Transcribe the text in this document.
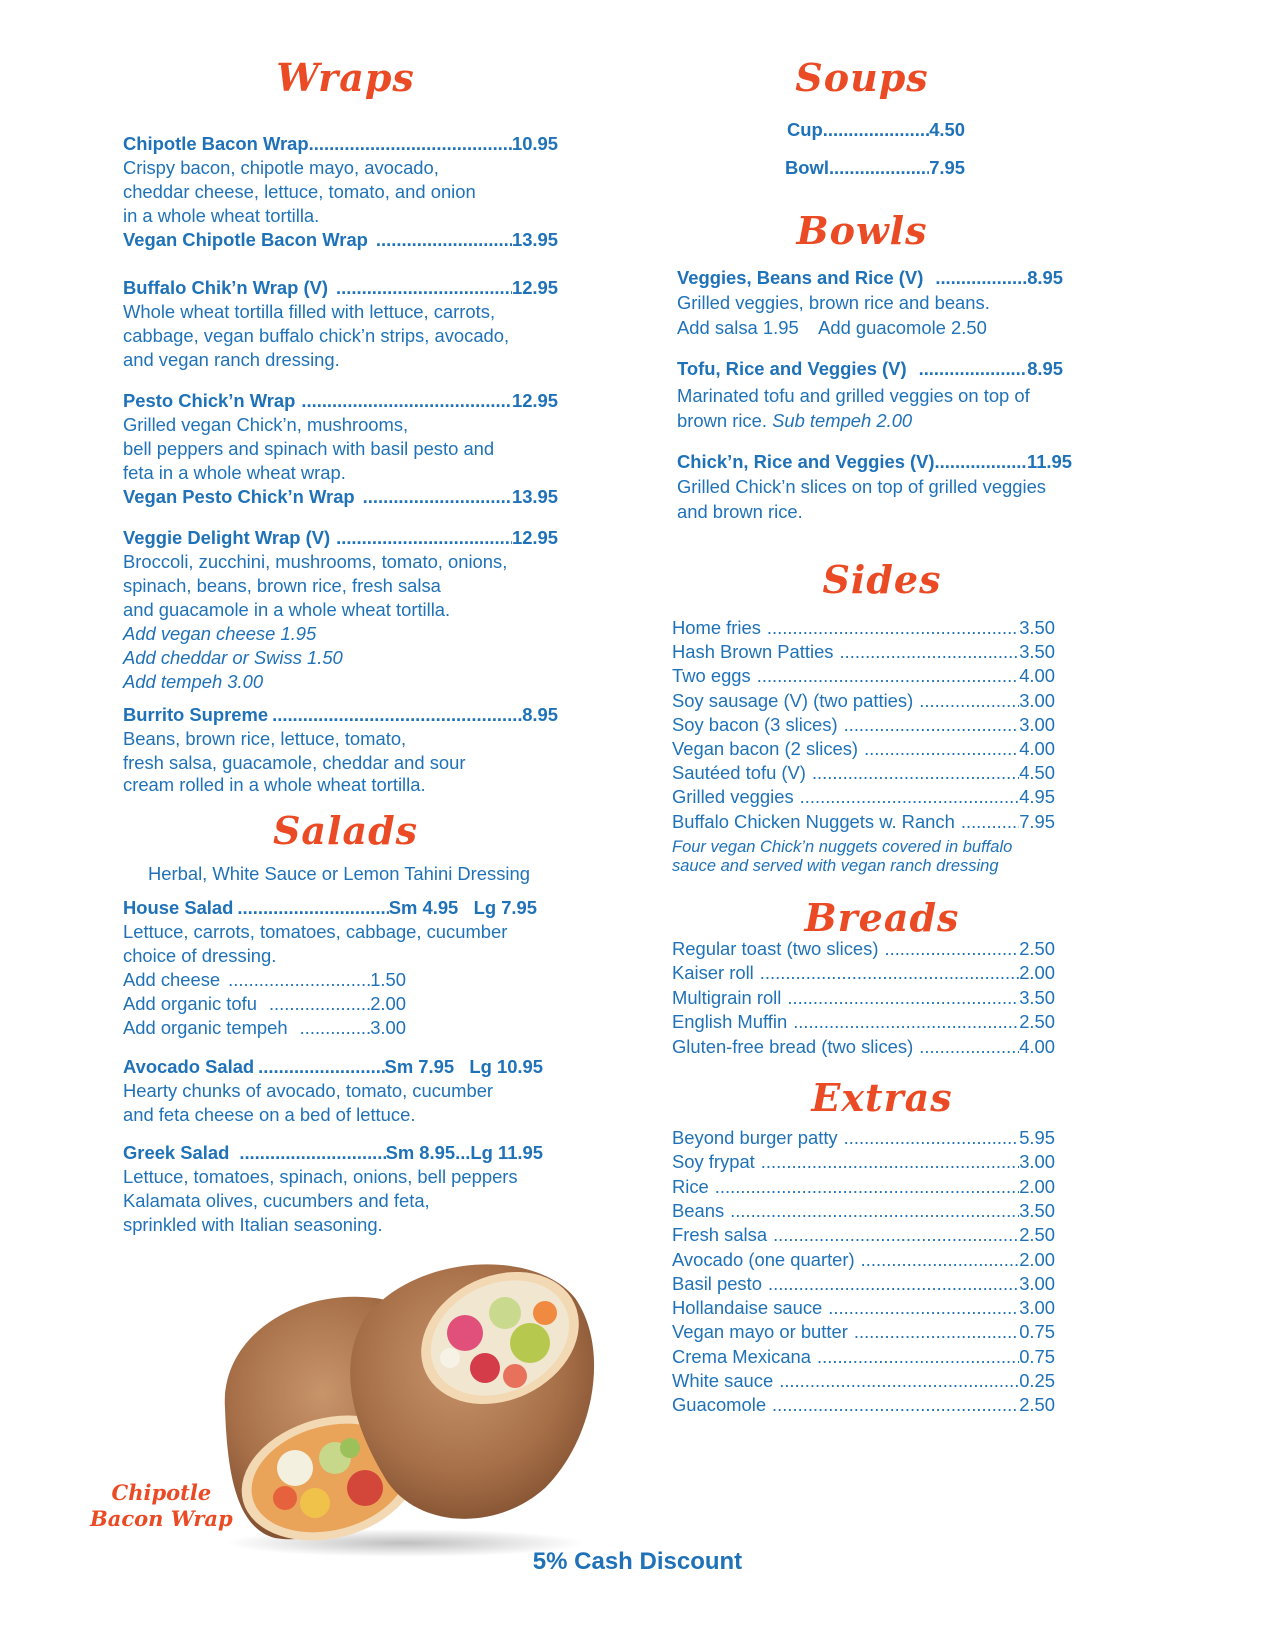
Wraps
Chipotle Bacon Wrap .....	10.95
Crispy bacon, chipotle mayo, avocado,
cheddar cheese, lettuce, tomato, and onion
in a whole wheat tortilla.
Vegan Chipotle Bacon Wrap .....	13.95
Buffalo Chik’n Wrap (V) .....	12.95
Whole wheat tortilla filled with lettuce, carrots,
cabbage, vegan buffalo chick’n strips, avocado,
and vegan ranch dressing.
Pesto Chick’n Wrap .....	12.95
Grilled vegan Chick’n, mushrooms,
bell peppers and spinach with basil pesto and
feta in a whole wheat wrap.
Vegan Pesto Chick’n Wrap .....	13.95
Veggie Delight Wrap (V) .....	12.95
Broccoli, zucchini, mushrooms, tomato, onions,
spinach, beans, brown rice, fresh salsa
and guacamole in a whole wheat tortilla.
Add vegan cheese 1.95
Add cheddar or Swiss 1.50
Add tempeh 3.00
Burrito Supreme .....	8.95
Beans, brown rice, lettuce, tomato,
fresh salsa, guacamole, cheddar and sour
cream rolled in a whole wheat tortilla.
Salads
Herbal, White Sauce or Lemon Tahini Dressing
House Salad .....	Sm 4.95   Lg 7.95
Lettuce, carrots, tomatoes, cabbage, cucumber
choice of dressing.
Add cheese .....	1.50
Add organic tofu .....	2.00
Add organic tempeh .....	3.00
Avocado Salad .....	Sm 7.95   Lg 10.95
Hearty chunks of avocado, tomato, cucumber
and feta cheese on a bed of lettuce.
Greek Salad .....	Sm 8.95...Lg 11.95
Lettuce, tomatoes, spinach, onions, bell peppers
Kalamata olives, cucumbers and feta,
sprinkled with Italian seasoning.
Chipotle
Bacon Wrap
Soups
Cup .....	4.50
Bowl .....	7.95
Bowls
Veggies, Beans and Rice (V) .....	8.95
Grilled veggies, brown rice and beans.
Add salsa 1.95    Add guacomole 2.50
Tofu, Rice and Veggies (V) .....	8.95
Marinated tofu and grilled veggies on top of
brown rice. Sub tempeh 2.00
Chick’n, Rice and Veggies (V) .....	11.95
Grilled Chick’n slices on top of grilled veggies
and brown rice.
Sides
Home fries .....	3.50
Hash Brown Patties .....	3.50
Two eggs .....	4.00
Soy sausage (V) (two patties) .....	3.00
Soy bacon (3 slices) .....	3.00
Vegan bacon (2 slices) .....	4.00
Sautéed tofu (V) .....	4.50
Grilled veggies .....	4.95
Buffalo Chicken Nuggets w. Ranch .....	7.95
Four vegan Chick’n nuggets covered in buffalo
sauce and served with vegan ranch dressing
Breads
Regular toast (two slices) .....	2.50
Kaiser roll .....	2.00
Multigrain roll .....	3.50
English Muffin .....	2.50
Gluten-free bread (two slices) .....	4.00
Extras
Beyond burger patty .....	5.95
Soy frypat .....	3.00
Rice .....	2.00
Beans .....	3.50
Fresh salsa .....	2.50
Avocado (one quarter) .....	2.00
Basil pesto .....	3.00
Hollandaise sauce .....	3.00
Vegan mayo or butter .....	0.75
Crema Mexicana .....	0.75
White sauce .....	0.25
Guacomole .....	2.50
5% Cash Discount
